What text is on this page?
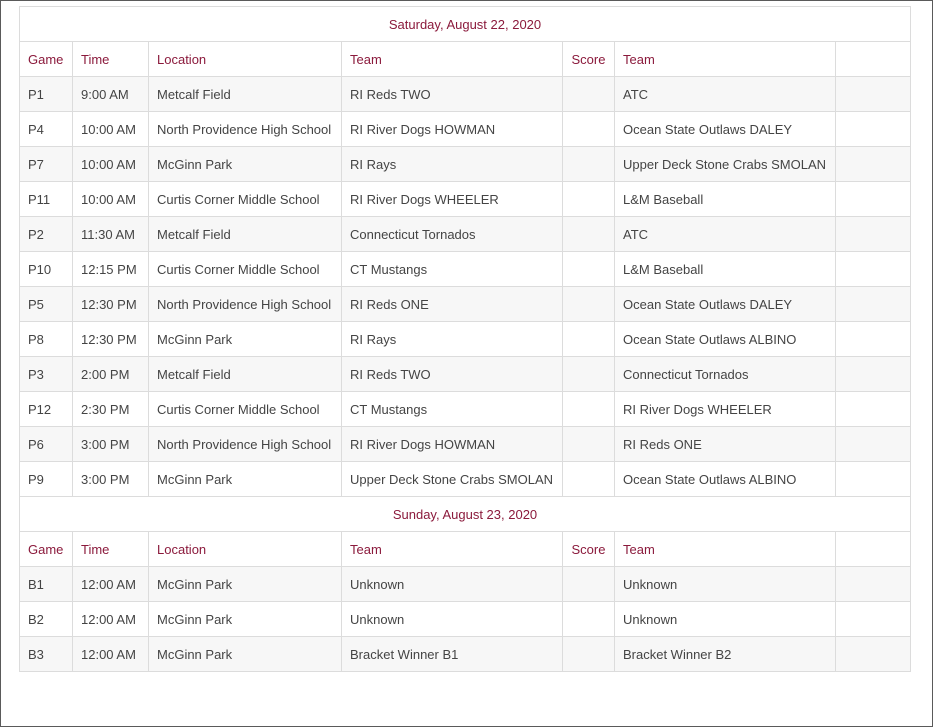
Saturday, August 22, 2020						
Game	Time	Location	Team	Score	Team	
P1	9:00 AM	Metcalf Field	RI Reds TWO		ATC	
P4	10:00 AM	North Providence High School	RI River Dogs HOWMAN		Ocean State Outlaws DALEY	
P7	10:00 AM	McGinn Park	RI Rays		Upper Deck Stone Crabs SMOLAN	
P11	10:00 AM	Curtis Corner Middle School	RI River Dogs WHEELER		L&M Baseball	
P2	11:30 AM	Metcalf Field	Connecticut Tornados		ATC	
P10	12:15 PM	Curtis Corner Middle School	CT Mustangs		L&M Baseball	
P5	12:30 PM	North Providence High School	RI Reds ONE		Ocean State Outlaws DALEY	
P8	12:30 PM	McGinn Park	RI Rays		Ocean State Outlaws ALBINO	
P3	2:00 PM	Metcalf Field	RI Reds TWO		Connecticut Tornados	
P12	2:30 PM	Curtis Corner Middle School	CT Mustangs		RI River Dogs WHEELER	
P6	3:00 PM	North Providence High School	RI River Dogs HOWMAN		RI Reds ONE	
P9	3:00 PM	McGinn Park	Upper Deck Stone Crabs SMOLAN		Ocean State Outlaws ALBINO	
Sunday, August 23, 2020						
Game	Time	Location	Team	Score	Team	
B1	12:00 AM	McGinn Park	Unknown		Unknown	
B2	12:00 AM	McGinn Park	Unknown		Unknown	
B3	12:00 AM	McGinn Park	Bracket Winner B1		Bracket Winner B2	
